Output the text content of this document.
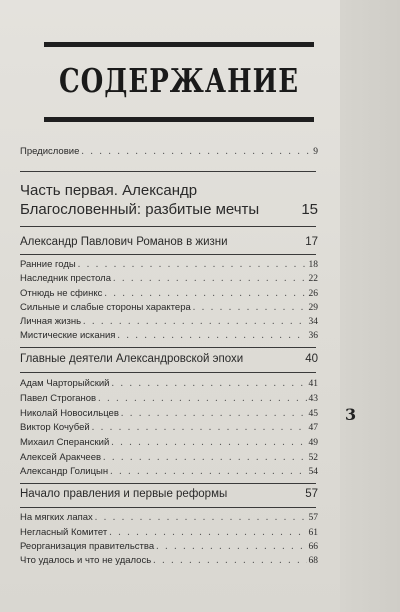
СОДЕРЖАНИЕ
Предисловие . . .	9
Часть первая. Александр
Благословенный: разбитые мечты	15
Александр Павлович Романов в жизни	17
Ранние годы . . .	18
Наследник престола . . .	22
Отнюдь не сфинкс . . .	26
Сильные и слабые стороны характера . . .	29
Личная жизнь . . .	34
Мистические искания . . .	36
Главные деятели Александровской эпохи	40
Адам Чарторыйский . . .	41
Павел Строганов . . .	43
Николай Новосильцев . . .	45
Виктор Кочубей . . .	47
Михаил Сперанский . . .	49
Алексей Аракчеев . . .	52
Александр Голицын . . .	54
Начало правления и первые реформы	57
На мягких лапах . . .	57
Негласный Комитет . . .	61
Реорганизация правительства . . .	66
Что удалось и что не удалось . . .	68
3
